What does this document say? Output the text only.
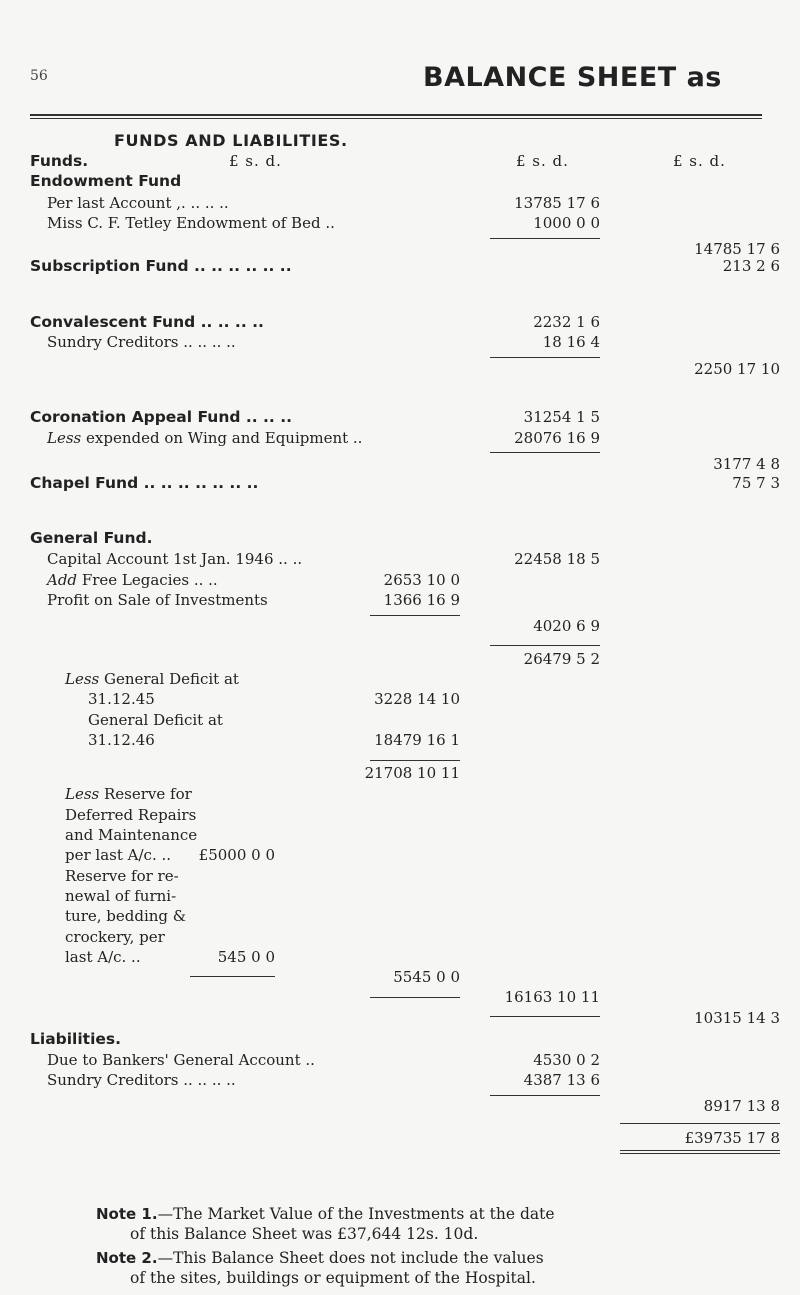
56	BALANCE SHEET as
FUNDS AND LIABILITIES.
Funds.	£ s. d.	£ s. d.	£ s. d.
Endowment Fund
Per last Account ,. .. .. ..	13785 17 6
Miss C. F. Tetley Endowment of Bed ..	1000 0 0
14785 17 6
Subscription Fund .. .. .. .. .. ..	213 2 6
Convalescent Fund .. .. .. ..	2232 1 6
Sundry Creditors .. .. .. ..	18 16 4
2250 17 10
Coronation Appeal Fund .. .. ..	31254 1 5
Less expended on Wing and Equipment ..	28076 16 9
3177 4 8
Chapel Fund .. .. .. .. .. .. ..	75 7 3
General Fund.
Capital Account 1st Jan. 1946 .. ..	22458 18 5
Add Free Legacies .. ..	2653 10 0
Profit on Sale of Investments	1366 16 9
4020 6 9
26479 5 2
Less General Deficit at
31.12.45	3228 14 10
General Deficit at
31.12.46	18479 16 1
21708 10 11
Less Reserve for
Deferred Repairs
and Maintenance
per last A/c. ..	£5000 0 0
Reserve for re-
newal of furni-
ture, bedding &
crockery, per
last A/c. ..	545 0 0
5545 0 0
16163 10 11
10315 14 3
Liabilities.
Due to Bankers' General Account ..	4530 0 2
Sundry Creditors .. .. .. ..	4387 13 6
8917 13 8
£39735 17 8
Note 1.—The Market Value of the Investments at the date
of this Balance Sheet was £37,644 12s. 10d.
Note 2.—This Balance Sheet does not include the values
of the sites, buildings or equipment of the Hospital.
